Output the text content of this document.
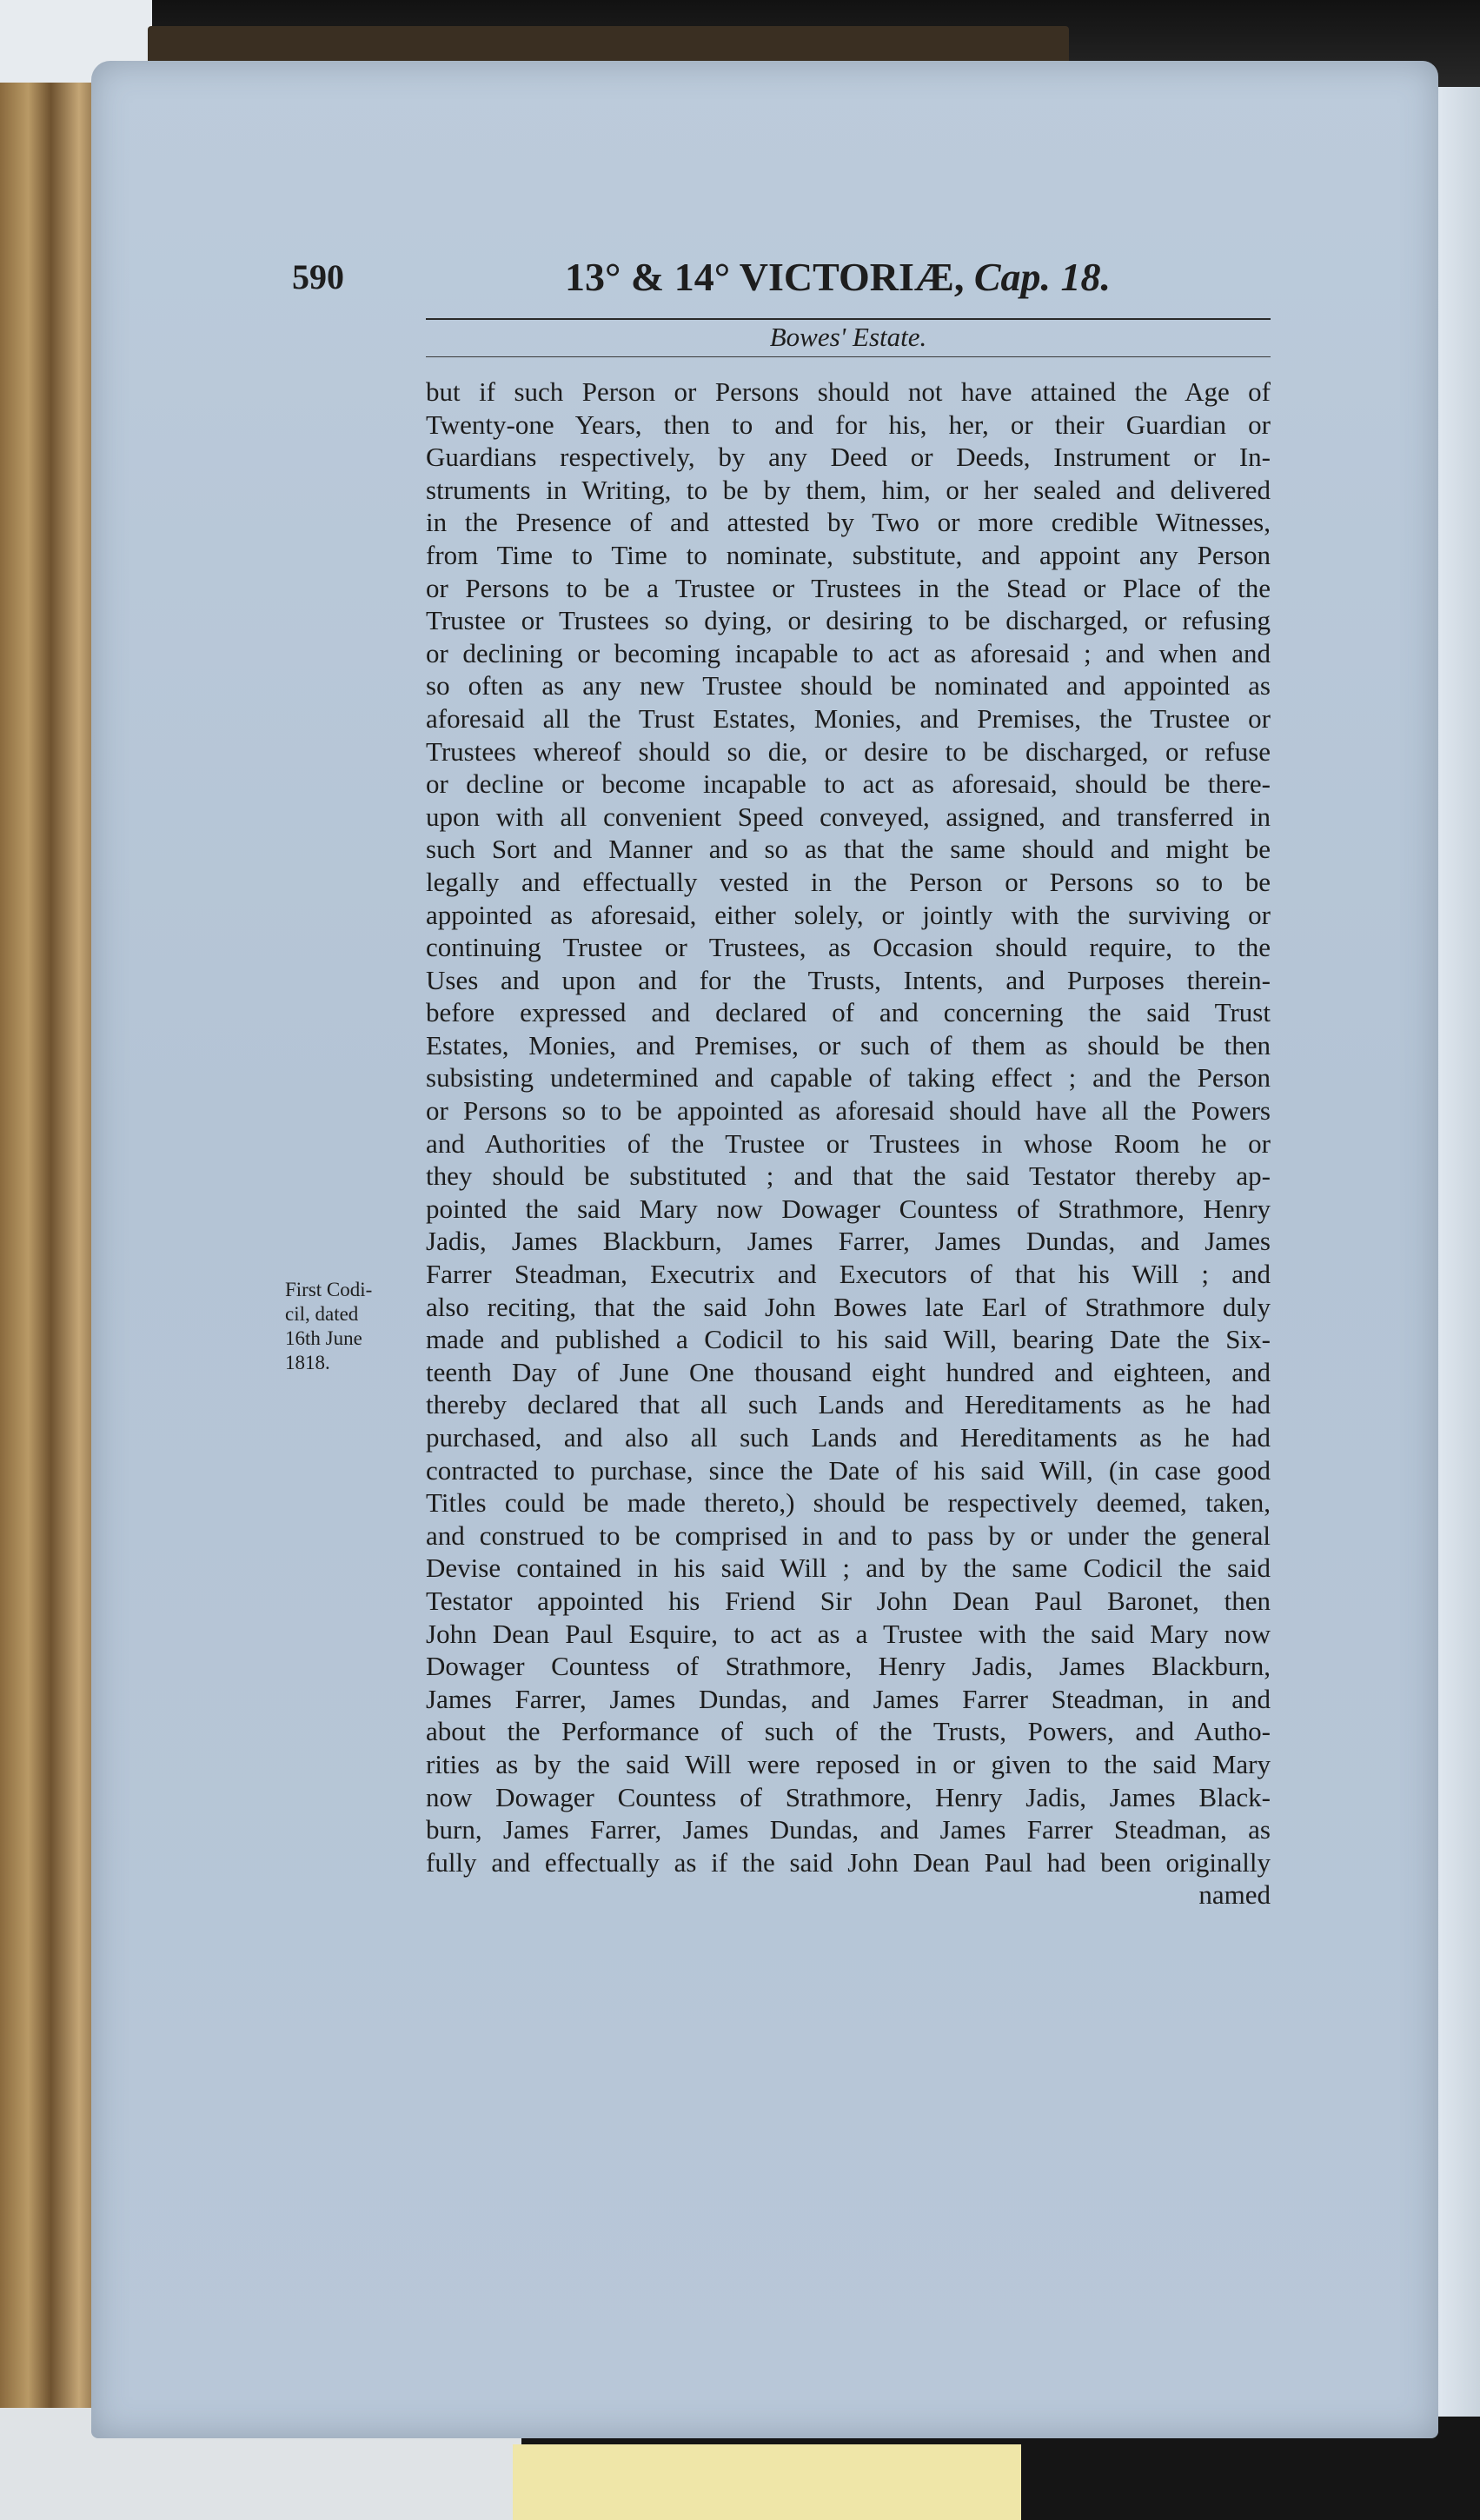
590	13° & 14° VICTORIÆ, Cap. 18.
Bowes' Estate.
First Codi-
cil, dated
16th June
1818.
but if such Person or Persons should not have attained the Age of
Twenty-one Years, then to and for his, her, or their Guardian or
Guardians respectively, by any Deed or Deeds, Instrument or In-
struments in Writing, to be by them, him, or her sealed and delivered
in the Presence of and attested by Two or more credible Witnesses,
from Time to Time to nominate, substitute, and appoint any Person
or Persons to be a Trustee or Trustees in the Stead or Place of the
Trustee or Trustees so dying, or desiring to be discharged, or refusing
or declining or becoming incapable to act as aforesaid ; and when and
so often as any new Trustee should be nominated and appointed as
aforesaid all the Trust Estates, Monies, and Premises, the Trustee or
Trustees whereof should so die, or desire to be discharged, or refuse
or decline or become incapable to act as aforesaid, should be there-
upon with all convenient Speed conveyed, assigned, and transferred in
such Sort and Manner and so as that the same should and might be
legally and effectually vested in the Person or Persons so to be
appointed as aforesaid, either solely, or jointly with the surviving or
continuing Trustee or Trustees, as Occasion should require, to the
Uses and upon and for the Trusts, Intents, and Purposes therein-
before expressed and declared of and concerning the said Trust
Estates, Monies, and Premises, or such of them as should be then
subsisting undetermined and capable of taking effect ; and the Person
or Persons so to be appointed as aforesaid should have all the Powers
and Authorities of the Trustee or Trustees in whose Room he or
they should be substituted ; and that the said Testator thereby ap-
pointed the said Mary now Dowager Countess of Strathmore, Henry
Jadis, James Blackburn, James Farrer, James Dundas, and James
Farrer Steadman, Executrix and Executors of that his Will ; and
also reciting, that the said John Bowes late Earl of Strathmore duly
made and published a Codicil to his said Will, bearing Date the Six-
teenth Day of June One thousand eight hundred and eighteen, and
thereby declared that all such Lands and Hereditaments as he had
purchased, and also all such Lands and Hereditaments as he had
contracted to purchase, since the Date of his said Will, (in case good
Titles could be made thereto,) should be respectively deemed, taken,
and construed to be comprised in and to pass by or under the general
Devise contained in his said Will ; and by the same Codicil the said
Testator appointed his Friend Sir John Dean Paul Baronet, then
John Dean Paul Esquire, to act as a Trustee with the said Mary now
Dowager Countess of Strathmore, Henry Jadis, James Blackburn,
James Farrer, James Dundas, and James Farrer Steadman, in and
about the Performance of such of the Trusts, Powers, and Autho-
rities as by the said Will were reposed in or given to the said Mary
now Dowager Countess of Strathmore, Henry Jadis, James Black-
burn, James Farrer, James Dundas, and James Farrer Steadman, as
fully and effectually as if the said John Dean Paul had been originally
named
